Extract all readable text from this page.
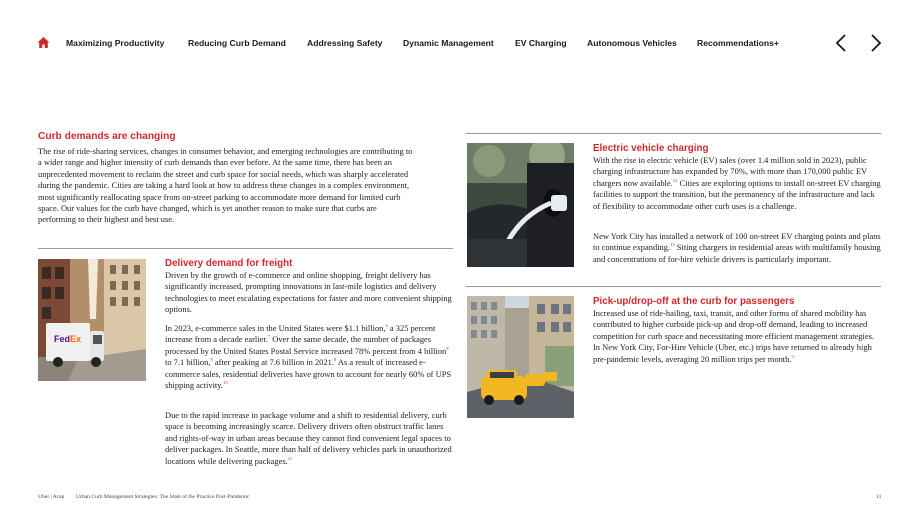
Maximizing Productivity	Reducing Curb Demand Addressing Safety Dynamic Management EV Charging Autonomous Vehicles Recommendations+
Curb demands are changing
The rise of ride-sharing services, changes in consumer behavior, and emerging technologies are contributing to a wider range and higher intensity of curb demands than ever before. At the same time, there has been an unprecedented movement to reclaim the street and curb space for social needs, which was sharply accelerated during the pandemic. Cities are taking a hard look at how to address these changes in a complex environment, most significantly reallocating space from on-street parking to accommodate more demand for limited curb space. Our values for the curb have changed, which is yet another reason to make sure that curbs are performing to their highest and best use.
FedEx
Delivery demand for freight
Driven by the growth of e-commerce and online shopping, freight delivery has significantly increased, prompting innovations in last-mile logistics and delivery technologies to meet escalating expectations for faster and more convenient shipping options.
In 2023, e-commerce sales in the United States were $1.1 billion,$^6$ a 325 percent increase from a decade earlier.$^7$ Over the same decade, the number of packages processed by the United States Postal Service increased 78% percent from 4 billion$^8$ to 7.1 billion,$^9$ after peaking at 7.6 billion in 2021.$^8$ As a result of increased e-commerce sales, residential deliveries have grown to account for nearly 60% of UPS shipping activity.$^{10}$
Due to the rapid increase in package volume and a shift to residential delivery, curb space is becoming increasingly scarce. Delivery drivers often obstruct traffic lanes and rights-of-way in urban areas because they cannot find convenient legal spaces to deliver packages. In Seattle, more than half of delivery vehicles park in unauthorized locations while delivering packages.$^{11}$
Electric vehicle charging
With the rise in electric vehicle (EV) sales (over 1.4 million sold in 2023), public charging infrastructure has expanded by 70%, with more than 170,000 public EV chargers now available.$^{12}$ Cities are exploring options to install on-street EV charging facilities to support the transition, but the permanency of the infrastructure and lack of flexibility to accommodate other curb uses is a challenge.
New York City has installed a network of 100 on-street EV charging points and plans to continue expanding.$^{13}$ Siting chargers in residential areas with multifamily housing and concentrations of for-hire vehicle drivers is particularly important.
Pick-up/drop-off at the curb for passengers
Increased use of ride-hailing, taxi, transit, and other forms of shared mobility has contributed to higher curbside pick-up and drop-off demand, leading to increased competition for curb space and necessitating more efficient management strategies. In New York City, For-Hire Vehicle (Uber, etc.) trips have returned to already high pre-pandemic levels, averaging 20 million trips per month.$^3$
Uber | Arup Urban Curb Management Strategies: The State of the Practice Post-Pandemic	11
